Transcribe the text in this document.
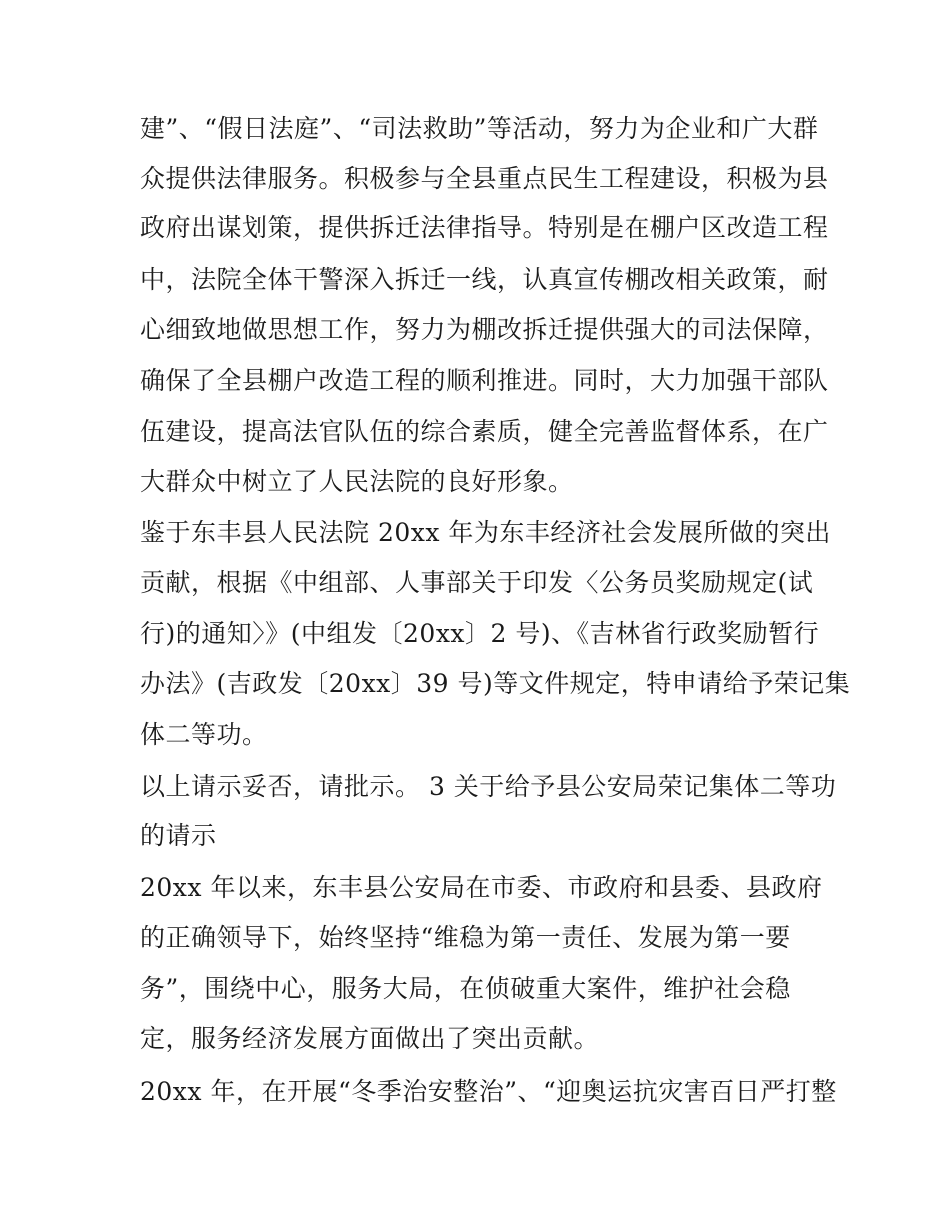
建”、“假日法庭”、“司法救助”等活动，努力为企业和广大群
众提供法律服务。积极参与全县重点民生工程建设，积极为县
政府出谋划策，提供拆迁法律指导。特别是在棚户区改造工程
中，法院全体干警深入拆迁一线，认真宣传棚改相关政策，耐
心细致地做思想工作，努力为棚改拆迁提供强大的司法保障，
确保了全县棚户改造工程的顺利推进。同时，大力加强干部队
伍建设，提高法官队伍的综合素质，健全完善监督体系，在广
大群众中树立了人民法院的良好形象。
鉴于东丰县人民法院 20xx 年为东丰经济社会发展所做的突出
贡献，根据《中组部、人事部关于印发〈公务员奖励规定(试
行)的通知〉》(中组发〔20xx〕2 号)、《吉林省行政奖励暂行
办法》(吉政发〔20xx〕39 号)等文件规定，特申请给予荣记集
体二等功。
以上请示妥否，请批示。 3 关于给予县公安局荣记集体二等功
的请示
20xx 年以来，东丰县公安局在市委、市政府和县委、县政府
的正确领导下，始终坚持“维稳为第一责任、发展为第一要
务”，围绕中心，服务大局，在侦破重大案件，维护社会稳
定，服务经济发展方面做出了突出贡献。
20xx 年，在开展“冬季治安整治”、“迎奥运抗灾害百日严打整
